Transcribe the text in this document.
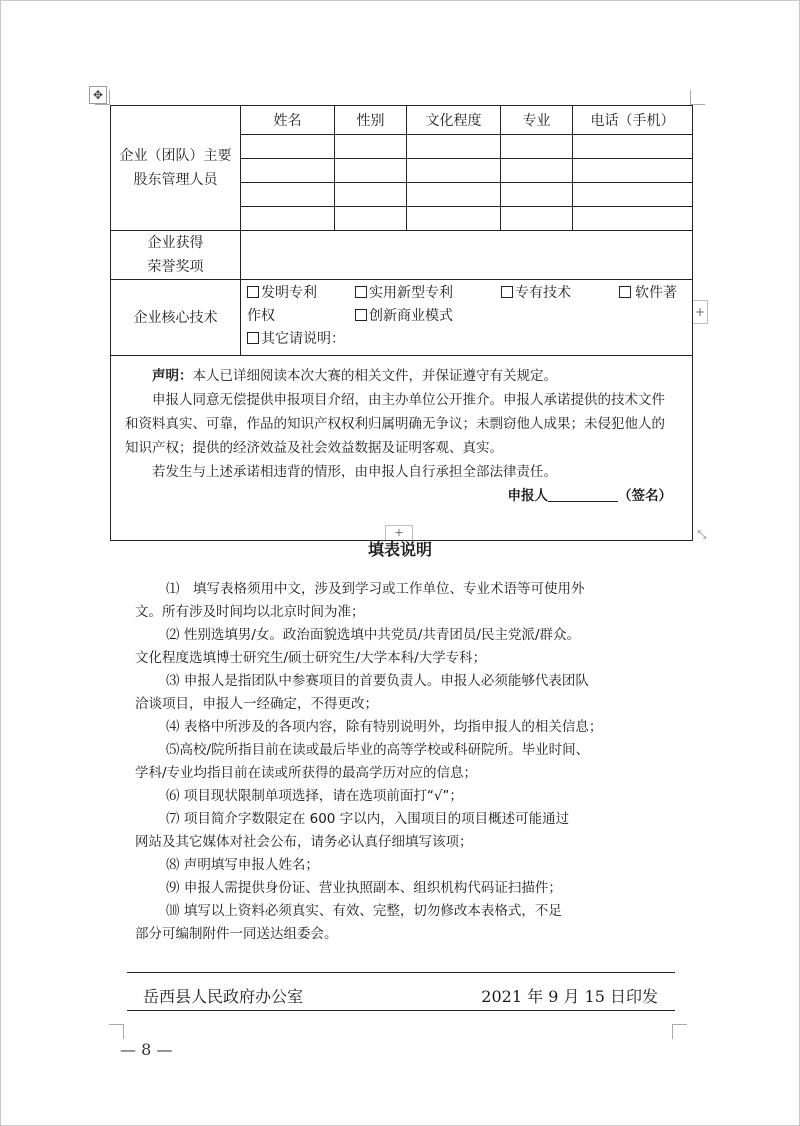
✥
+
+	⤡
企业（团队）主要股东管理人员	姓名	性别	文化程度	专业	电话（手机）

企业获得荣誉奖项					
企业核心技术	发明专利 实用新型专利 专有技术 软件著
作权 创新商业模式
其它请说明：				

声明：本人已详细阅读本次大赛的相关文件，并保证遵守有关规定。

申报人同意无偿提供申报项目介绍，由主办单位公开推介。申报人承诺提供的技术文件和资料真实、可靠，作品的知识产权权利归属明确无争议；未剽窃他人成果；未侵犯他人的知识产权；提供的经济效益及社会效益数据及证明客观、真实。

若发生与上述承诺相违背的情形，由申报人自行承担全部法律责任。

申报人 （签名）					

填表说明

⑴　填写表格须用中文，涉及到学习或工作单位、专业术语等可使用外

文。所有涉及时间均以北京时间为准；

⑵ 性别选填男/女。政治面貌选填中共党员/共青团员/民主党派/群众。

文化程度选填博士研究生/硕士研究生/大学本科/大学专科；

⑶ 申报人是指团队中参赛项目的首要负责人。申报人必须能够代表团队

洽谈项目，申报人一经确定，不得更改；

⑷ 表格中所涉及的各项内容，除有特别说明外，均指申报人的相关信息；

⑸高校/院所指目前在读或最后毕业的高等学校或科研院所。毕业时间、

学科/专业均指目前在读或所获得的最高学历对应的信息；

⑹ 项目现状限制单项选择，请在选项前面打“√”；

⑺ 项目简介字数限定在 600 字以内，入围项目的项目概述可能通过

网站及其它媒体对社会公布，请务必认真仔细填写该项；

⑻ 声明填写申报人姓名；

⑼ 申报人需提供身份证、营业执照副本、组织机构代码证扫描件；

⑽ 填写以上资料必须真实、有效、完整，切勿修改本表格式，不足

部分可编制附件一同送达组委会。

岳西县人民政府办公室	2021 年 9 月 15 日印发
— 8 —
